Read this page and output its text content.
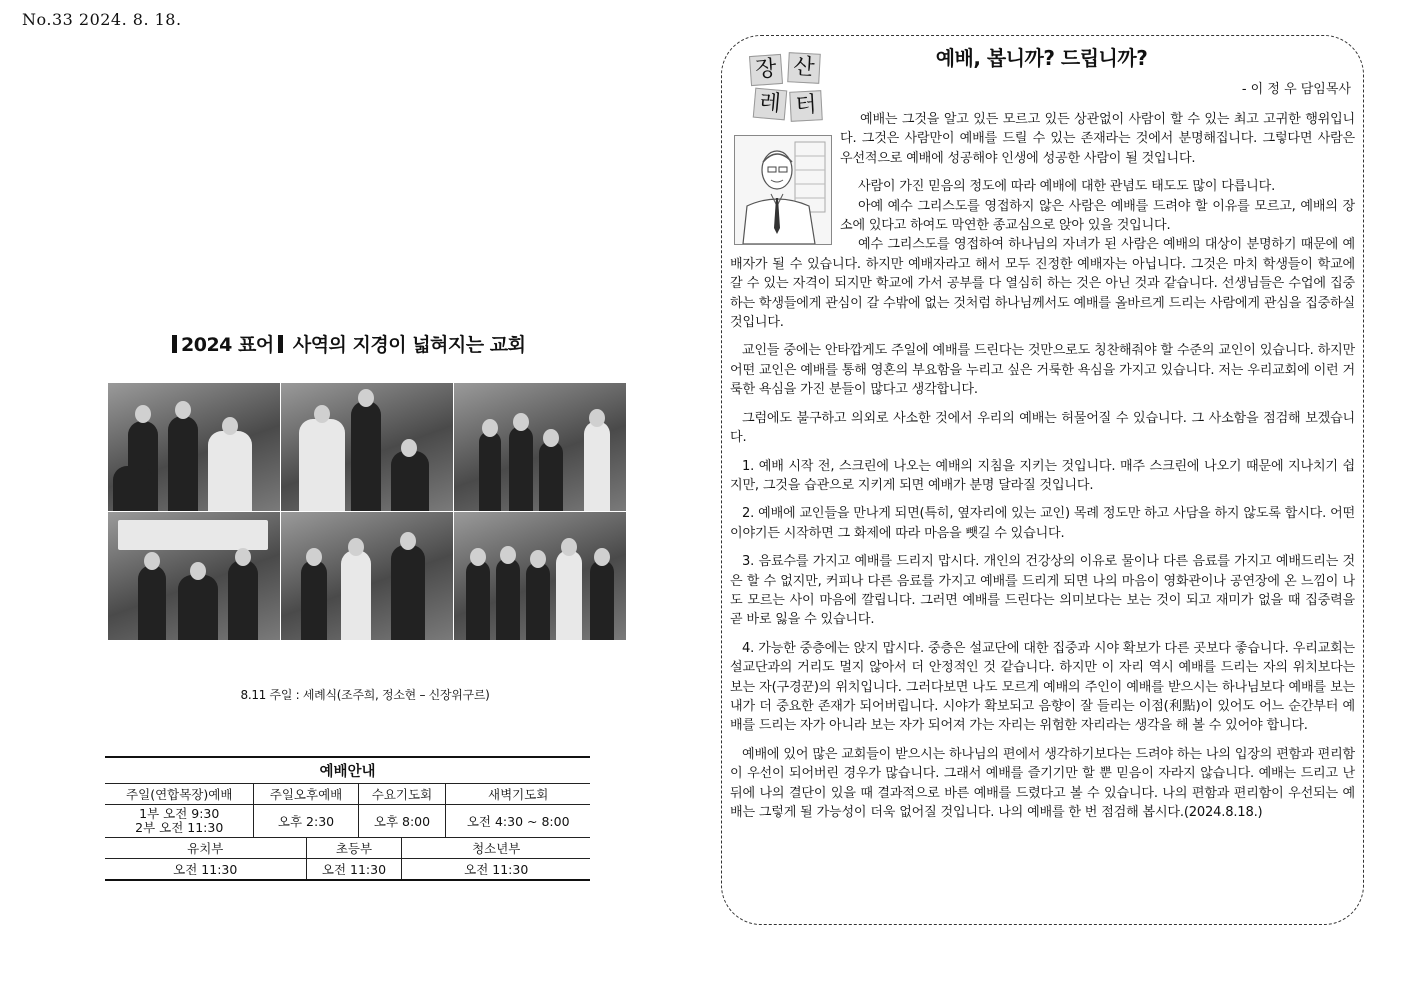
No.33 2024. 8. 18.
2024 표어 사역의 지경이 넓혀지는 교회
8.11 주일 : 세례식(조주희, 정소현 – 신장위구르)
예배안내					
주일(연합목장)예배	주일오후예배		수요기도회		새벽기도회
1부 오전 9:30
2부 오전 11:30	오후 2:30		오후 8:00		오전 4:30 ~ 8:00
유치부		초등부		청소년부	
오전 11:30		오전 11:30		오전 11:30	
장 산
레 터
예배, 봅니까? 드립니까?
- 이 정 우 담임목사

예배는 그것을 알고 있든 모르고 있든 상관없이 사람이 할 수 있는 최고 고귀한 행위입니다. 그것은 사람만이 예배를 드릴 수 있는 존재라는 것에서 분명해집니다. 그렇다면 사람은 우선적으로 예배에 성공해야 인생에 성공한 사람이 될 것입니다.

사람이 가진 믿음의 정도에 따라 예배에 대한 관념도 태도도 많이 다릅니다.

아예 예수 그리스도를 영접하지 않은 사람은 예배를 드려야 할 이유를 모르고, 예배의 장소에 있다고 하여도 막연한 종교심으로 앉아 있을 것입니다.

예수 그리스도를 영접하여 하나님의 자녀가 된 사람은 예배의 대상이 분명하기 때문에 예배자가 될 수 있습니다. 하지만 예배자라고 해서 모두 진정한 예배자는 아닙니다. 그것은 마치 학생들이 학교에 갈 수 있는 자격이 되지만 학교에 가서 공부를 다 열심히 하는 것은 아닌 것과 같습니다. 선생님들은 수업에 집중하는 학생들에게 관심이 갈 수밖에 없는 것처럼 하나님께서도 예배를 올바르게 드리는 사람에게 관심을 집중하실 것입니다.

교인들 중에는 안타깝게도 주일에 예배를 드린다는 것만으로도 칭찬해줘야 할 수준의 교인이 있습니다. 하지만 어떤 교인은 예배를 통해 영혼의 부요함을 누리고 싶은 거룩한 욕심을 가지고 있습니다. 저는 우리교회에 이런 거룩한 욕심을 가진 분들이 많다고 생각합니다.

그럼에도 불구하고 의외로 사소한 것에서 우리의 예배는 허물어질 수 있습니다. 그 사소함을 점검해 보겠습니다.

1. 예배 시작 전, 스크린에 나오는 예배의 지침을 지키는 것입니다. 매주 스크린에 나오기 때문에 지나치기 쉽지만, 그것을 습관으로 지키게 되면 예배가 분명 달라질 것입니다.

2. 예배에 교인들을 만나게 되면(특히, 옆자리에 있는 교인) 목례 정도만 하고 사담을 하지 않도록 합시다. 어떤 이야기든 시작하면 그 화제에 따라 마음을 뺏길 수 있습니다.

3. 음료수를 가지고 예배를 드리지 맙시다. 개인의 건강상의 이유로 물이나 다른 음료를 가지고 예배드리는 것은 할 수 없지만, 커피나 다른 음료를 가지고 예배를 드리게 되면 나의 마음이 영화관이나 공연장에 온 느낌이 나도 모르는 사이 마음에 깔립니다. 그러면 예배를 드린다는 의미보다는 보는 것이 되고 재미가 없을 때 집중력을 곧 바로 잃을 수 있습니다.

4. 가능한 중층에는 앉지 맙시다. 중층은 설교단에 대한 집중과 시야 확보가 다른 곳보다 좋습니다. 우리교회는 설교단과의 거리도 멀지 않아서 더 안정적인 것 같습니다. 하지만 이 자리 역시 예배를 드리는 자의 위치보다는 보는 자(구경꾼)의 위치입니다. 그러다보면 나도 모르게 예배의 주인이 예배를 받으시는 하나님보다 예배를 보는 내가 더 중요한 존재가 되어버립니다. 시야가 확보되고 음향이 잘 들리는 이점(利點)이 있어도 어느 순간부터 예배를 드리는 자가 아니라 보는 자가 되어져 가는 자리는 위험한 자리라는 생각을 해 볼 수 있어야 합니다.

예배에 있어 많은 교회들이 받으시는 하나님의 편에서 생각하기보다는 드려야 하는 나의 입장의 편함과 편리함이 우선이 되어버린 경우가 많습니다. 그래서 예배를 즐기기만 할 뿐 믿음이 자라지 않습니다. 예배는 드리고 난 뒤에 나의 결단이 있을 때 결과적으로 바른 예배를 드렸다고 볼 수 있습니다. 나의 편함과 편리함이 우선되는 예배는 그렇게 될 가능성이 더욱 없어질 것입니다. 나의 예배를 한 번 점검해 봅시다.(2024.8.18.)
